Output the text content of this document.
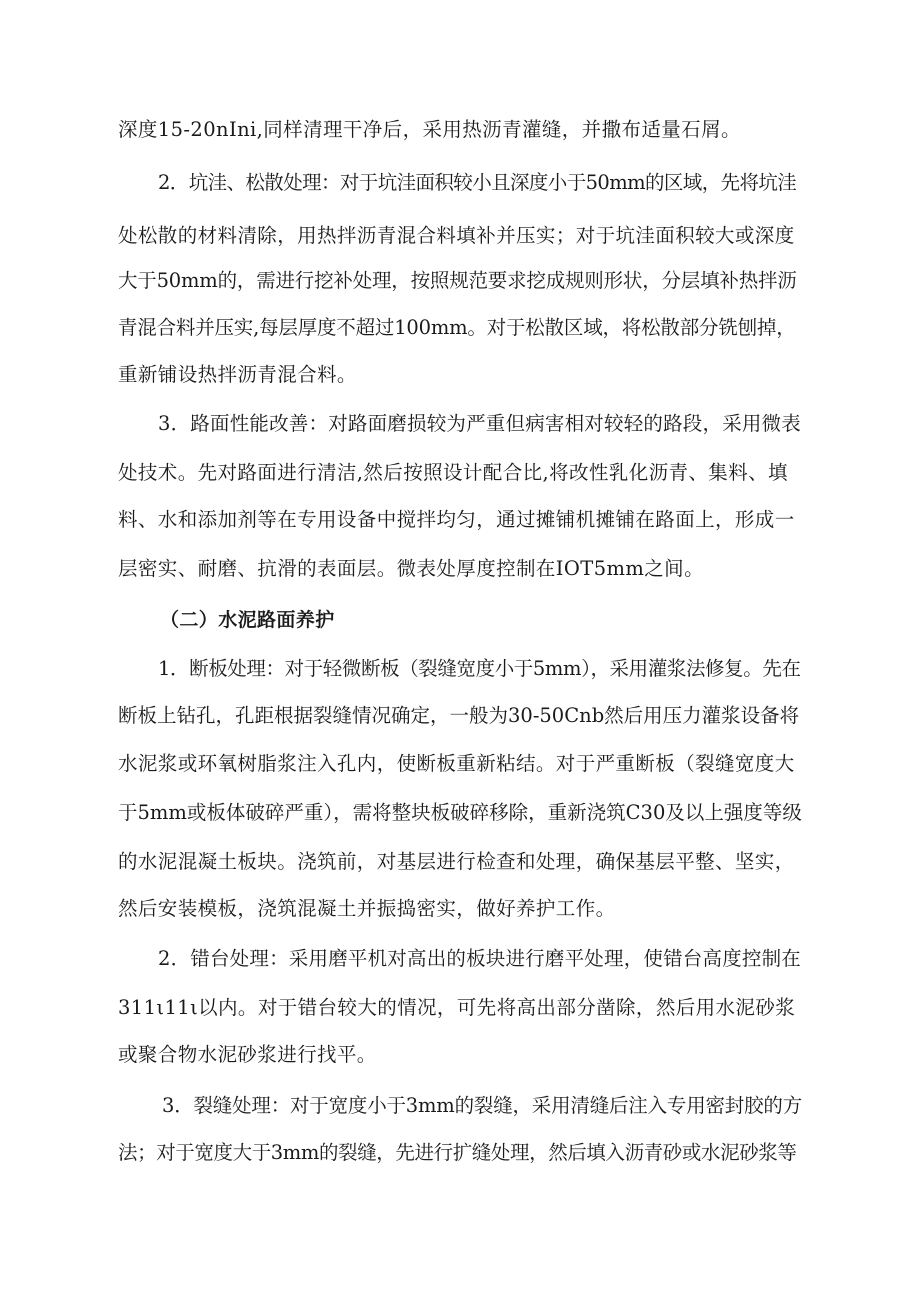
深度15-20nIni,同样清理干净后，采用热沥青灌缝，并撒布适量石屑。
2．坑洼、松散处理：对于坑洼面积较小且深度小于50mm的区域，先将坑洼
处松散的材料清除，用热拌沥青混合料填补并压实；对于坑洼面积较大或深度
大于50mm的，需进行挖补处理，按照规范要求挖成规则形状，分层填补热拌沥
青混合料并压实,每层厚度不超过100mm。对于松散区域，将松散部分铣刨掉，
重新铺设热拌沥青混合料。
3．路面性能改善：对路面磨损较为严重但病害相对较轻的路段，采用微表
处技术。先对路面进行清洁,然后按照设计配合比,将改性乳化沥青、集料、填
料、水和添加剂等在专用设备中搅拌均匀，通过摊铺机摊铺在路面上，形成一
层密实、耐磨、抗滑的表面层。微表处厚度控制在IOT5mm之间。
（二）水泥路面养护
1．断板处理：对于轻微断板（裂缝宽度小于5mm），采用灌浆法修复。先在
断板上钻孔，孔距根据裂缝情况确定，一般为30-50Cnb然后用压力灌浆设备将
水泥浆或环氧树脂浆注入孔内，使断板重新粘结。对于严重断板（裂缝宽度大
于5mm或板体破碎严重），需将整块板破碎移除，重新浇筑C30及以上强度等级
的水泥混凝土板块。浇筑前，对基层进行检查和处理，确保基层平整、坚实，
然后安装模板，浇筑混凝土并振捣密实，做好养护工作。
2．错台处理：采用磨平机对高出的板块进行磨平处理，使错台高度控制在
311ι11ι以内。对于错台较大的情况，可先将高出部分凿除，然后用水泥砂浆
或聚合物水泥砂浆进行找平。
3．裂缝处理：对于宽度小于3mm的裂缝，采用清缝后注入专用密封胶的方
法；对于宽度大于3mm的裂缝，先进行扩缝处理，然后填入沥青砂或水泥砂浆等
